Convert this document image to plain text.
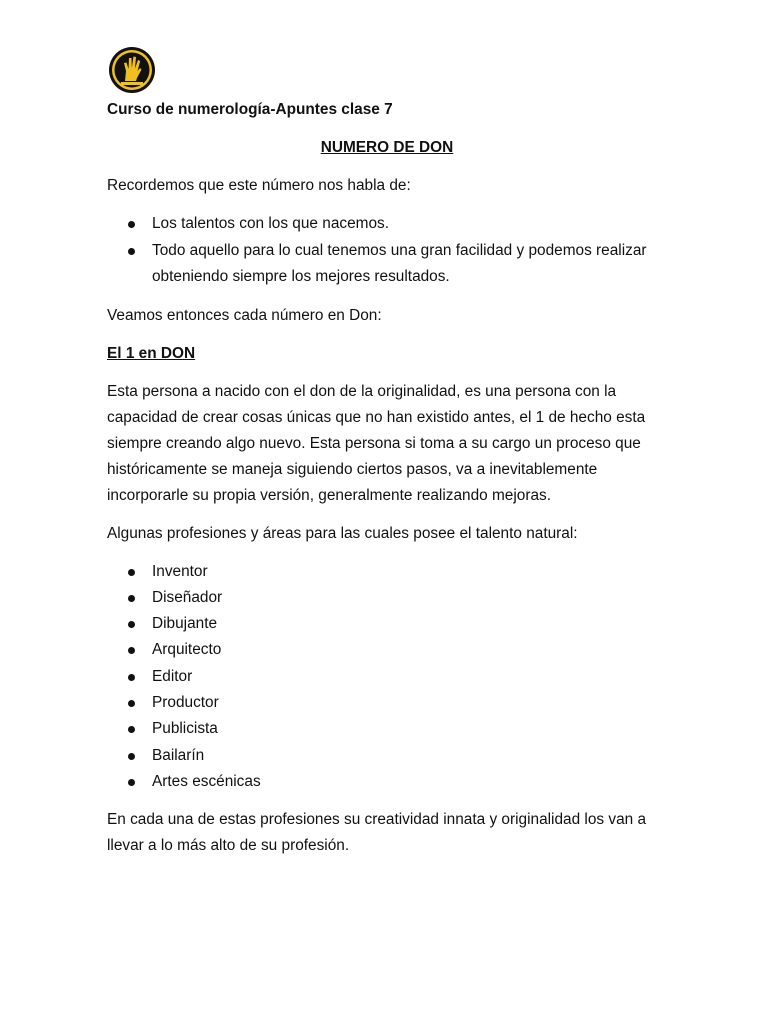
Curso de numerología-Apuntes clase 7
NUMERO DE DON

Recordemos que este número nos habla de:

Los talentos con los que nacemos.
Todo aquello para lo cual tenemos una gran facilidad y podemos realizar obteniendo siempre los mejores resultados.

Veamos entonces cada número en Don:

El 1 en DON

Esta persona a nacido con el don de la originalidad, es una persona con la capacidad de crear cosas únicas que no han existido antes, el 1 de hecho esta siempre creando algo nuevo. Esta persona si toma a su cargo un proceso que históricamente se maneja siguiendo ciertos pasos, va a inevitablemente incorporarle su propia versión, generalmente realizando mejoras.

Algunas profesiones y áreas para las cuales posee el talento natural:

Inventor
Diseñador
Dibujante
Arquitecto
Editor
Productor
Publicista
Bailarín
Artes escénicas

En cada una de estas profesiones su creatividad innata y originalidad los van a llevar a lo más alto de su profesión.
